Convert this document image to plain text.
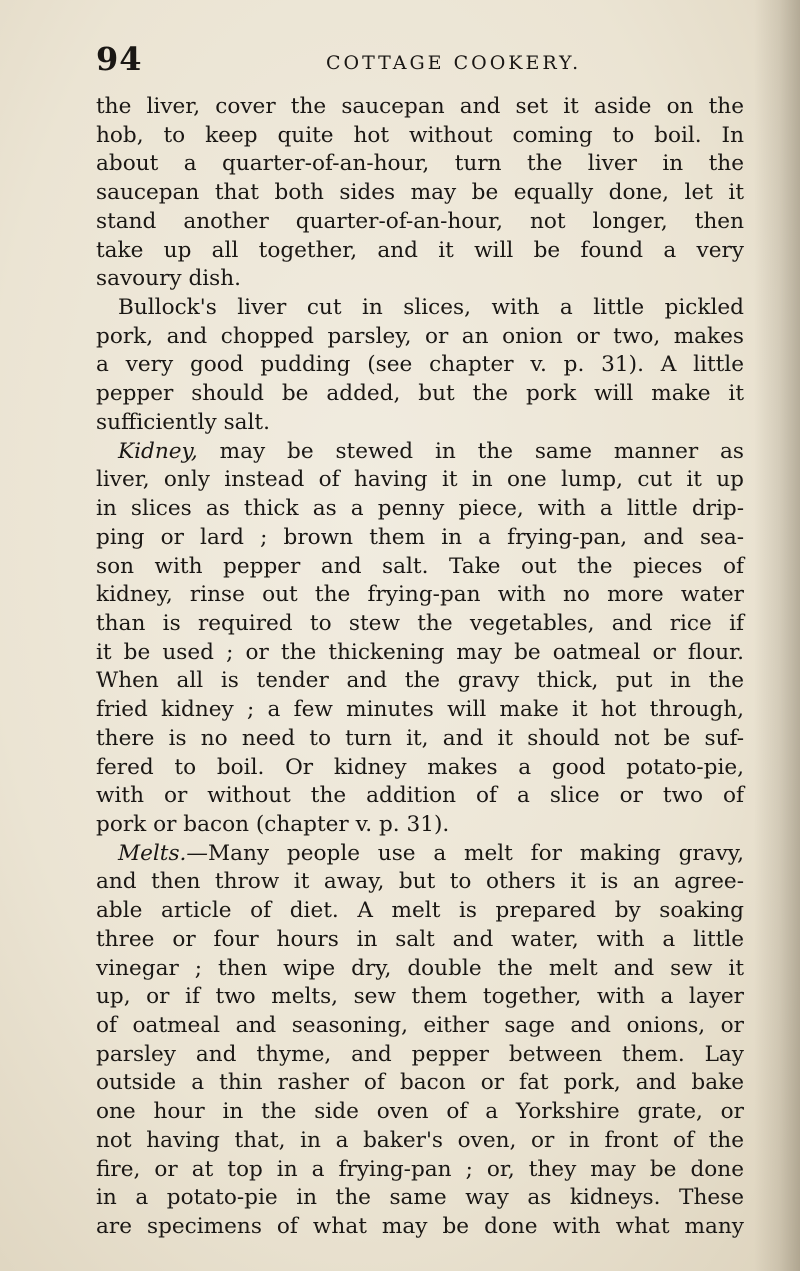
94	COTTAGE COOKERY.
the liver, cover the saucepan and set it aside on the
hob, to keep quite hot without coming to boil. In
about a quarter-of-an-hour, turn the liver in the
saucepan that both sides may be equally done, let it
stand another quarter-of-an-hour, not longer, then
take up all together, and it will be found a very
savoury dish.
Bullock's liver cut in slices, with a little pickled
pork, and chopped parsley, or an onion or two, makes
a very good pudding (see chapter v. p. 31). A little
pepper should be added, but the pork will make it
sufficiently salt.
Kidney, may be stewed in the same manner as
liver, only instead of having it in one lump, cut it up
in slices as thick as a penny piece, with a little drip-
ping or lard ; brown them in a frying-pan, and sea-
son with pepper and salt. Take out the pieces of
kidney, rinse out the frying-pan with no more water
than is required to stew the vegetables, and rice if
it be used ; or the thickening may be oatmeal or flour.
When all is tender and the gravy thick, put in the
fried kidney ; a few minutes will make it hot through,
there is no need to turn it, and it should not be suf-
fered to boil. Or kidney makes a good potato-pie,
with or without the addition of a slice or two of
pork or bacon (chapter v. p. 31).
Melts.—Many people use a melt for making gravy,
and then throw it away, but to others it is an agree-
able article of diet. A melt is prepared by soaking
three or four hours in salt and water, with a little
vinegar ; then wipe dry, double the melt and sew it
up, or if two melts, sew them together, with a layer
of oatmeal and seasoning, either sage and onions, or
parsley and thyme, and pepper between them. Lay
outside a thin rasher of bacon or fat pork, and bake
one hour in the side oven of a Yorkshire grate, or
not having that, in a baker's oven, or in front of the
fire, or at top in a frying-pan ; or, they may be done
in a potato-pie in the same way as kidneys. These
are specimens of what may be done with what many
